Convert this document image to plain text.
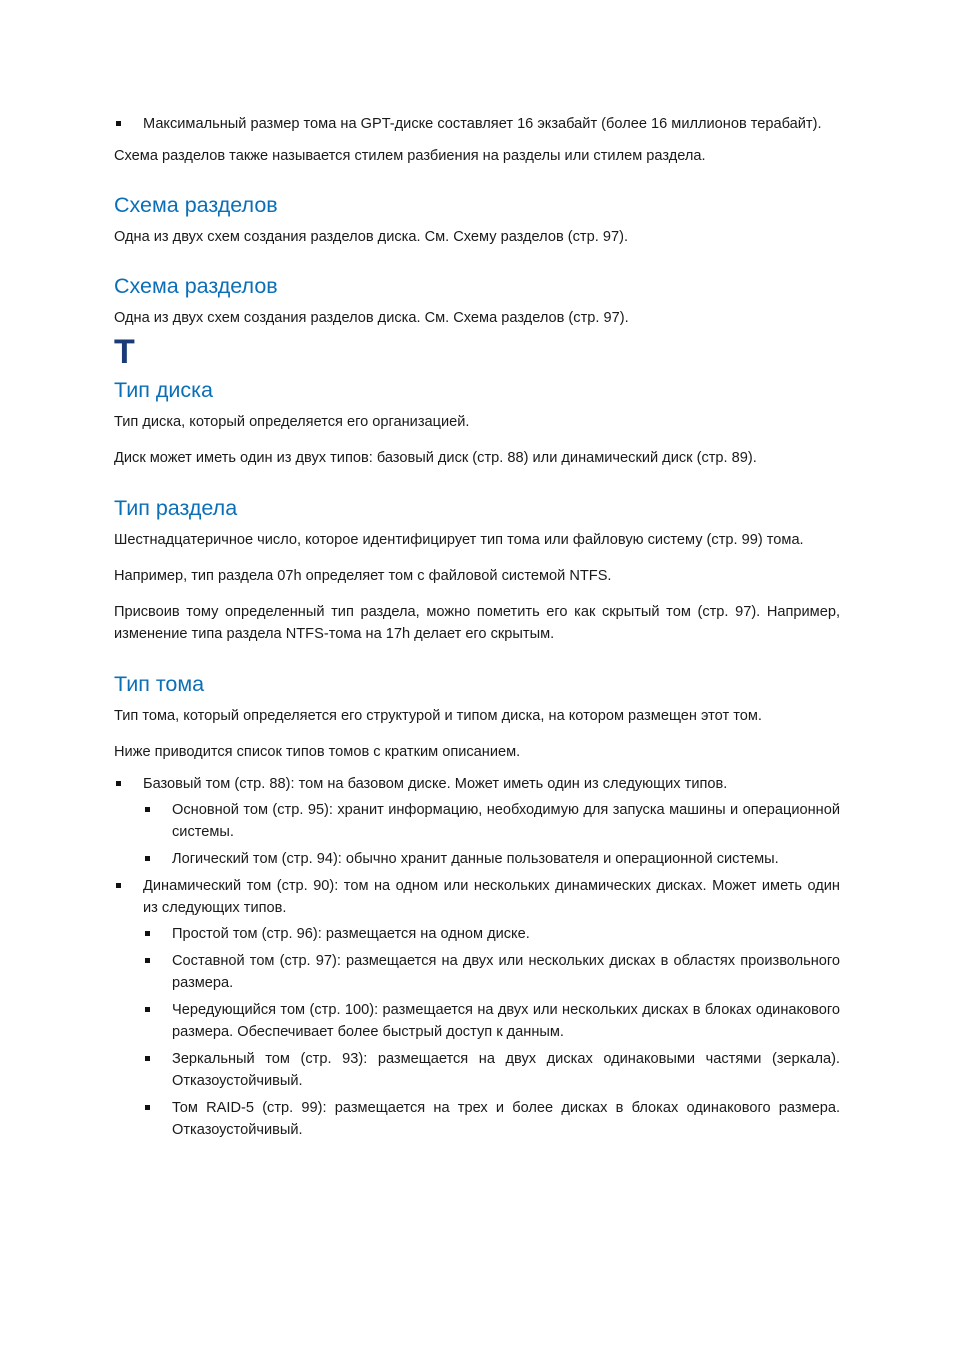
Максимальный размер тома на GPT-диске составляет 16 экзабайт (более 16 миллионов терабайт).

Схема разделов также называется стилем разбиения на разделы или стилем раздела.

Схема разделов

Одна из двух схем создания разделов диска. См. Схему разделов (стр. 97).

Схема разделов

Одна из двух схем создания разделов диска. См. Схема разделов (стр. 97).

T
Тип диска

Тип диска, который определяется его организацией.

Диск может иметь один из двух типов: базовый диск (стр. 88) или динамический диск (стр. 89).

Тип раздела

Шестнадцатеричное число, которое идентифицирует тип тома или файловую систему (стр. 99) тома.

Например, тип раздела 07h определяет том с файловой системой NTFS.

Присвоив тому определенный тип раздела, можно пометить его как скрытый том (стр. 97). Например, изменение типа раздела NTFS-тома на 17h делает его скрытым.

Тип тома

Тип тома, который определяется его структурой и типом диска, на котором размещен этот том.

Ниже приводится список типов томов с кратким описанием.

Базовый том (стр. 88): том на базовом диске. Может иметь один из следующих типов.

Основной том (стр. 95): хранит информацию, необходимую для запуска машины и операционной системы.

Логический том (стр. 94): обычно хранит данные пользователя и операционной системы.

Динамический том (стр. 90): том на одном или нескольких динамических дисках. Может иметь один из следующих типов.

Простой том (стр. 96): размещается на одном диске.

Составной том (стр. 97): размещается на двух или нескольких дисках в областях произвольного размера.

Чередующийся том (стр. 100): размещается на двух или нескольких дисках в блоках одинакового размера. Обеспечивает более быстрый доступ к данным.

Зеркальный том (стр. 93): размещается на двух дисках одинаковыми частями (зеркала). Отказоустойчивый.

Том RAID-5 (стр. 99): размещается на трех и более дисках в блоках одинакового размера. Отказоустойчивый.
